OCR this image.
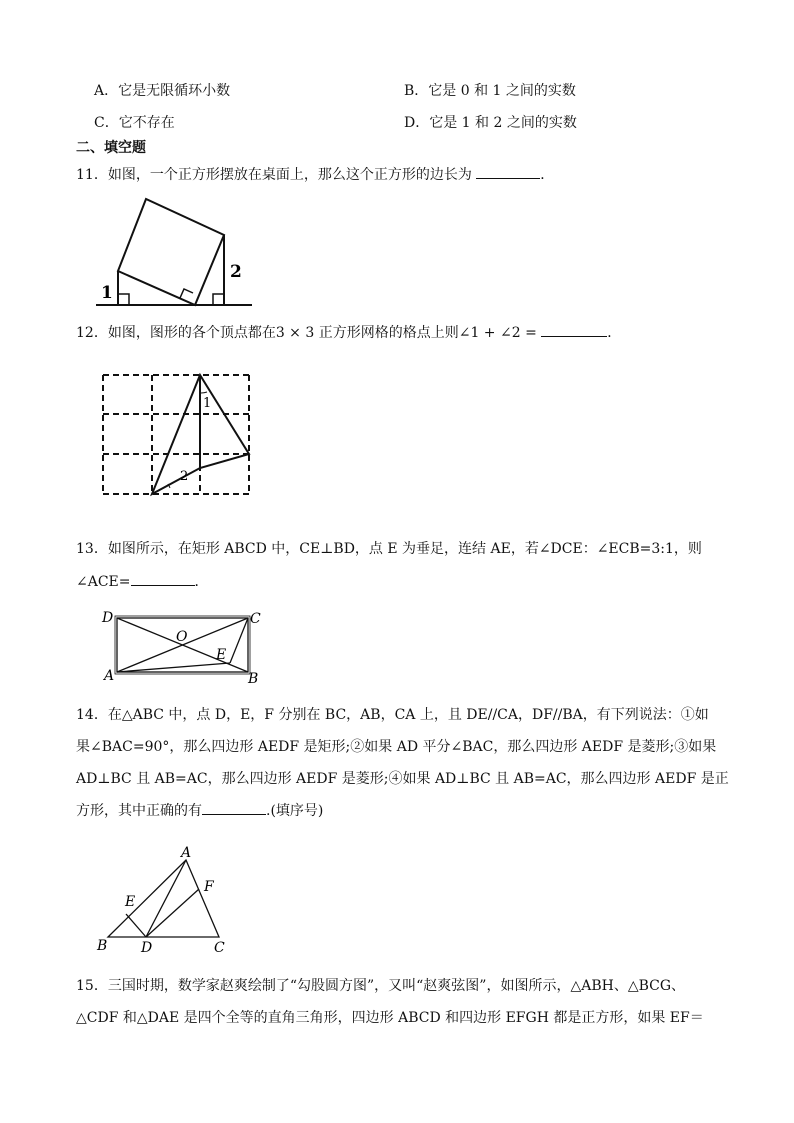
A．它是无限循环小数	B．它是 0 和 1 之间的实数
C．它不存在	D．它是 1 和 2 之间的实数
二、填空题
11．如图，一个正方形摆放在桌面上，那么这个正方形的边长为	．
1
2
12．如图，图形的各个顶点都在3 × 3 正方形网格的格点上则∠1 + ∠2 =	．
1
2
13．如图所示，在矩形 ABCD 中，CE⊥BD，点 E 为垂足，连结 AE，若∠DCE：∠ECB=3:1，则
∠ACE=	．
D	C
O
E
A	B
14．在△ABC 中，点 D，E，F 分别在 BC，AB，CA 上，且 DE//CA，DF//BA，有下列说法：①如
果∠BAC=90°，那么四边形 AEDF 是矩形;②如果 AD 平分∠BAC，那么四边形 AEDF 是菱形;③如果
AD⊥BC 且 AB=AC，那么四边形 AEDF 是菱形;④如果 AD⊥BC 且 AB=AC，那么四边形 AEDF 是正
方形，其中正确的有	.(填序号)
A
E
F
B D	C
15．三国时期，数学家赵爽绘制了“勾股圆方图”，又叫“赵爽弦图”，如图所示，△ABH、△BCG、
△CDF 和△DAE 是四个全等的直角三角形，四边形 ABCD 和四边形 EFGH 都是正方形，如果 EF＝
